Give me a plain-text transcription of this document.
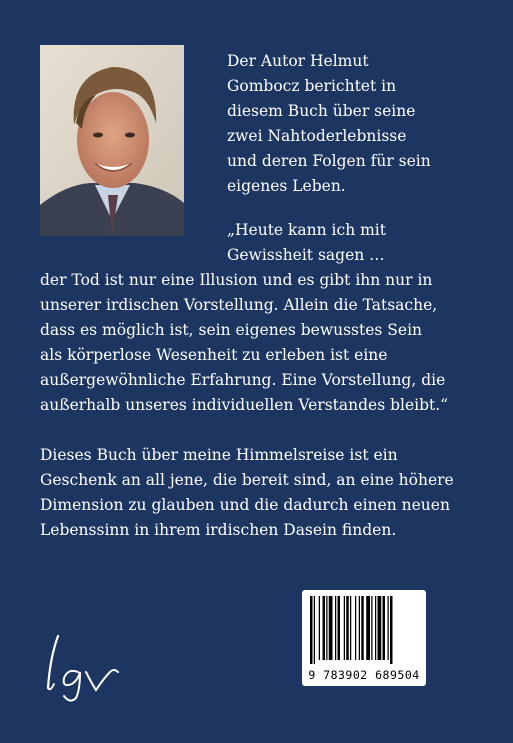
Der Autor Helmut
Gombocz berichtet in
diesem Buch über seine
zwei Nahtoderlebnisse
und deren Folgen für sein
eigenes Leben.
„Heute kann ich mit
Gewissheit sagen …
der Tod ist nur eine Illusion und es gibt ihn nur in
unserer irdischen Vorstellung. Allein die Tatsache,
dass es möglich ist, sein eigenes bewusstes Sein
als körperlose Wesenheit zu erleben ist eine
außergewöhnliche Erfahrung. Eine Vorstellung, die
außerhalb unseres individuellen Verstandes bleibt.“
Dieses Buch über meine Himmelsreise ist ein
Geschenk an all jene, die bereit sind, an eine höhere
Dimension zu glauben und die dadurch einen neuen
Lebenssinn in ihrem irdischen Dasein finden.
9 783902 689504
